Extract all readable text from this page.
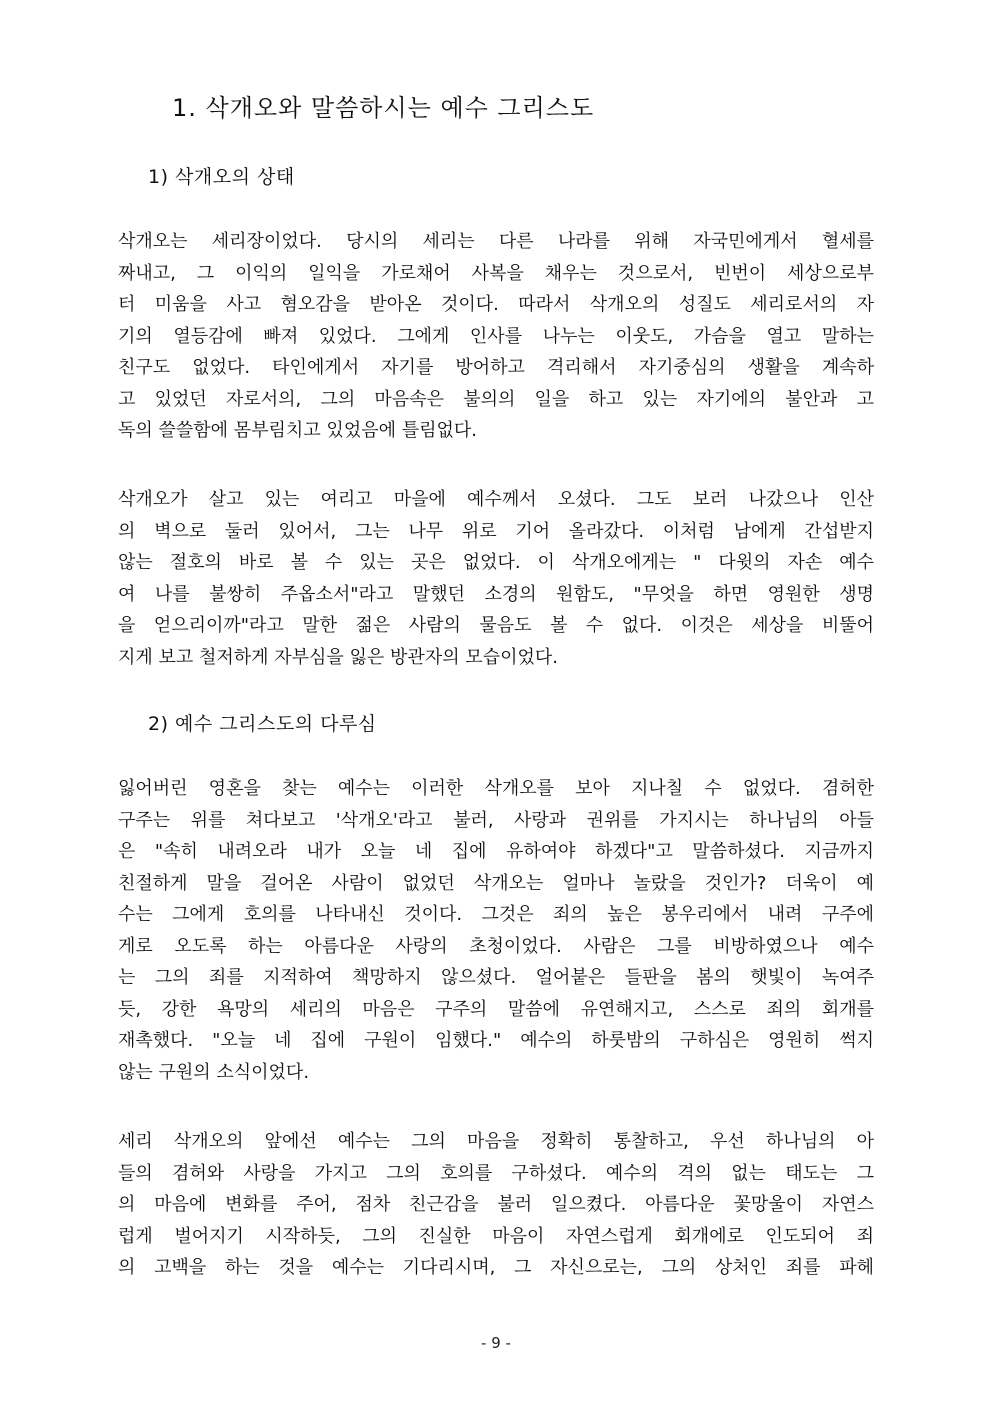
1. 삭개오와 말씀하시는 예수 그리스도
1) 삭개오의 상태
삭개오는 세리장이었다. 당시의 세리는 다른 나라를 위해 자국민에게서 혈세를
짜내고, 그 이익의 일익을 가로채어 사복을 채우는 것으로서, 빈번이 세상으로부
터 미움을 사고 혐오감을 받아온 것이다. 따라서 삭개오의 성질도 세리로서의 자
기의 열등감에 빠져 있었다. 그에게 인사를 나누는 이웃도, 가슴을 열고 말하는
친구도 없었다. 타인에게서 자기를 방어하고 격리해서 자기중심의 생활을 계속하
고 있었던 자로서의, 그의 마음속은 불의의 일을 하고 있는 자기에의 불안과 고
독의 쓸쓸함에 몸부림치고 있었음에 틀림없다.
삭개오가 살고 있는 여리고 마을에 예수께서 오셨다. 그도 보러 나갔으나 인산
의 벽으로 둘러 있어서, 그는 나무 위로 기어 올라갔다. 이처럼 남에게 간섭받지
않는 절호의 바로 볼 수 있는 곳은 없었다. 이 삭개오에게는 " 다윗의 자손 예수
여 나를 불쌍히 주옵소서"라고 말했던 소경의 원함도, "무엇을 하면 영원한 생명
을 얻으리이까"라고 말한 젊은 사람의 물음도 볼 수 없다. 이것은 세상을 비뚤어
지게 보고 철저하게 자부심을 잃은 방관자의 모습이었다.
2) 예수 그리스도의 다루심
잃어버린 영혼을 찾는 예수는 이러한 삭개오를 보아 지나칠 수 없었다. 겸허한
구주는 위를 쳐다보고 '삭개오'라고 불러, 사랑과 권위를 가지시는 하나님의 아들
은 "속히 내려오라 내가 오늘 네 집에 유하여야 하겠다"고 말씀하셨다. 지금까지
친절하게 말을 걸어온 사람이 없었던 삭개오는 얼마나 놀랐을 것인가? 더욱이 예
수는 그에게 호의를 나타내신 것이다. 그것은 죄의 높은 봉우리에서 내려 구주에
게로 오도록 하는 아름다운 사랑의 초청이었다. 사람은 그를 비방하였으나 예수
는 그의 죄를 지적하여 책망하지 않으셨다. 얼어붙은 들판을 봄의 햇빛이 녹여주
듯, 강한 욕망의 세리의 마음은 구주의 말씀에 유연해지고, 스스로 죄의 회개를
재촉했다. "오늘 네 집에 구원이 임했다." 예수의 하룻밤의 구하심은 영원히 썩지
않는 구원의 소식이었다.
세리 삭개오의 앞에선 예수는 그의 마음을 정확히 통찰하고, 우선 하나님의 아
들의 겸허와 사랑을 가지고 그의 호의를 구하셨다. 예수의 격의 없는 태도는 그
의 마음에 변화를 주어, 점차 친근감을 불러 일으켰다. 아름다운 꽃망울이 자연스
럽게 벌어지기 시작하듯, 그의 진실한 마음이 자연스럽게 회개에로 인도되어 죄
의 고백을 하는 것을 예수는 기다리시며, 그 자신으로는, 그의 상처인 죄를 파헤
- 9 -
